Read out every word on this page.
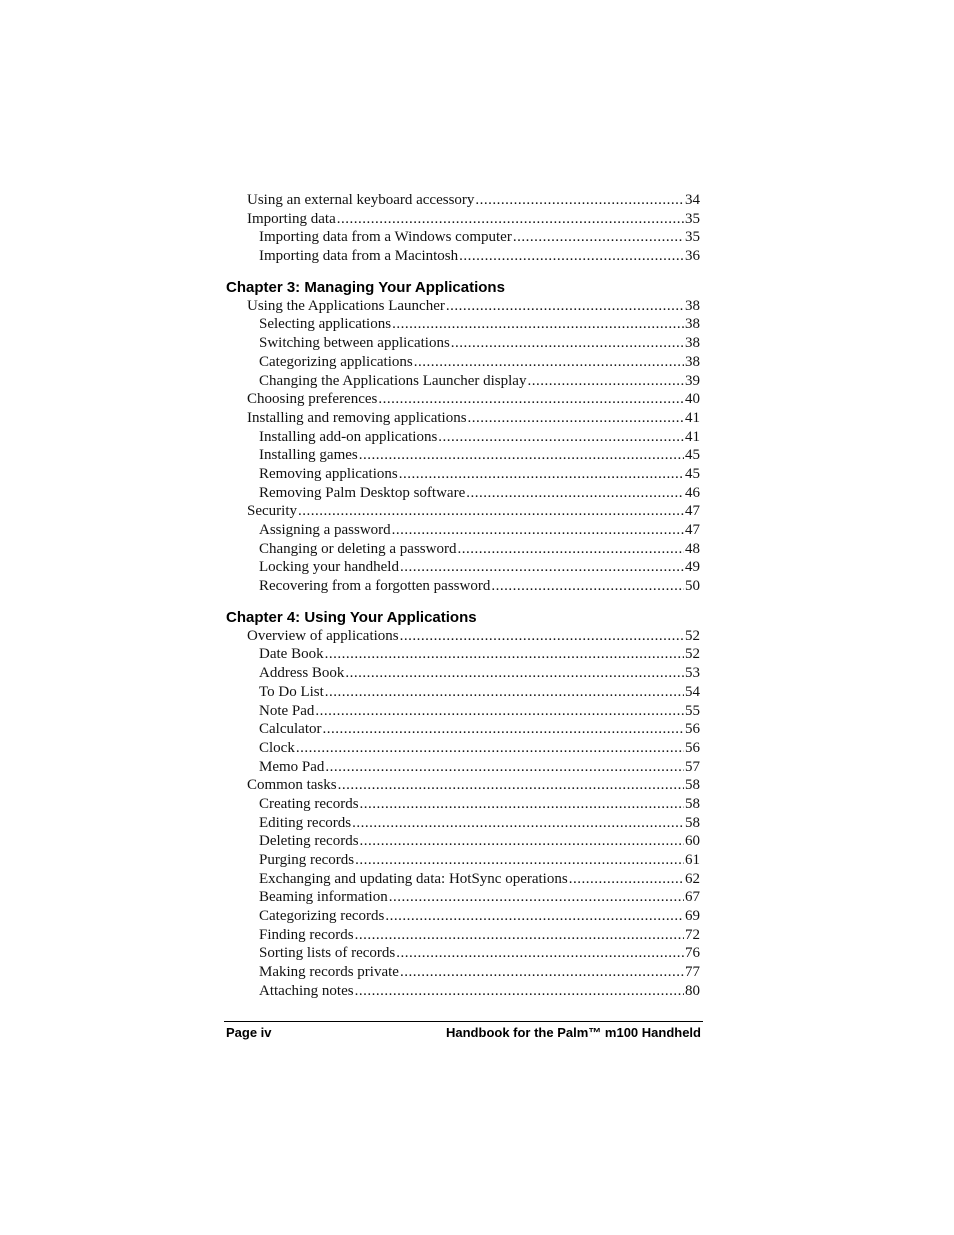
Using an external keyboard accessory .....	34
Importing data .....	35
Importing data from a Windows computer .....	35
Importing data from a Macintosh .....	36
Chapter 3: Managing Your Applications
Using the Applications Launcher .....	38
Selecting applications .....	38
Switching between applications .....	38
Categorizing applications .....	38
Changing the Applications Launcher display .....	39
Choosing preferences .....	40
Installing and removing applications .....	41
Installing add-on applications .....	41
Installing games .....	45
Removing applications .....	45
Removing Palm Desktop software .....	46
Security .....	47
Assigning a password .....	47
Changing or deleting a password .....	48
Locking your handheld .....	49
Recovering from a forgotten password .....	50
Chapter 4: Using Your Applications
Overview of applications .....	52
Date Book .....	52
Address Book .....	53
To Do List .....	54
Note Pad .....	55
Calculator .....	56
Clock .....	56
Memo Pad .....	57
Common tasks .....	58
Creating records .....	58
Editing records .....	58
Deleting records .....	60
Purging records .....	61
Exchanging and updating data: HotSync operations .....	62
Beaming information .....	67
Categorizing records .....	69
Finding records .....	72
Sorting lists of records .....	76
Making records private .....	77
Attaching notes .....	80
Page iv	Handbook for the Palm™ m100 Handheld
